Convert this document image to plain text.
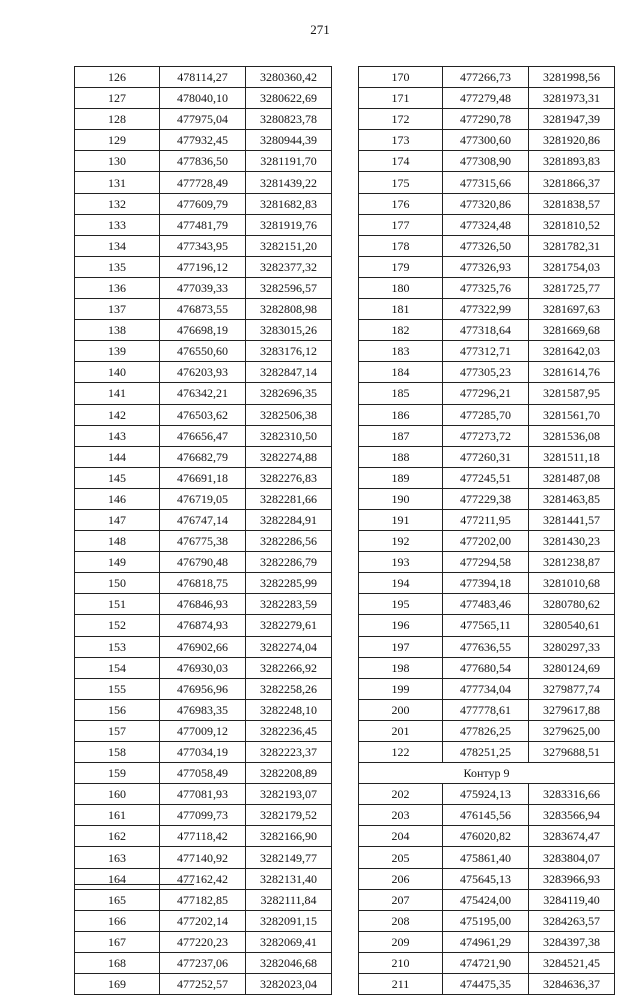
271
126	478114,27	3280360,42
127	478040,10	3280622,69
128	477975,04	3280823,78
129	477932,45	3280944,39
130	477836,50	3281191,70
131	477728,49	3281439,22
132	477609,79	3281682,83
133	477481,79	3281919,76
134	477343,95	3282151,20
135	477196,12	3282377,32
136	477039,33	3282596,57
137	476873,55	3282808,98
138	476698,19	3283015,26
139	476550,60	3283176,12
140	476203,93	3282847,14
141	476342,21	3282696,35
142	476503,62	3282506,38
143	476656,47	3282310,50
144	476682,79	3282274,88
145	476691,18	3282276,83
146	476719,05	3282281,66
147	476747,14	3282284,91
148	476775,38	3282286,56
149	476790,48	3282286,79
150	476818,75	3282285,99
151	476846,93	3282283,59
152	476874,93	3282279,61
153	476902,66	3282274,04
154	476930,03	3282266,92
155	476956,96	3282258,26
156	476983,35	3282248,10
157	477009,12	3282236,45
158	477034,19	3282223,37
159	477058,49	3282208,89
160	477081,93	3282193,07
161	477099,73	3282179,52
162	477118,42	3282166,90
163	477140,92	3282149,77
164	477162,42	3282131,40
165	477182,85	3282111,84
166	477202,14	3282091,15
167	477220,23	3282069,41
168	477237,06	3282046,68
169	477252,57	3282023,04
170	477266,73	3281998,56
171	477279,48	3281973,31
172	477290,78	3281947,39
173	477300,60	3281920,86
174	477308,90	3281893,83
175	477315,66	3281866,37
176	477320,86	3281838,57
177	477324,48	3281810,52
178	477326,50	3281782,31
179	477326,93	3281754,03
180	477325,76	3281725,77
181	477322,99	3281697,63
182	477318,64	3281669,68
183	477312,71	3281642,03
184	477305,23	3281614,76
185	477296,21	3281587,95
186	477285,70	3281561,70
187	477273,72	3281536,08
188	477260,31	3281511,18
189	477245,51	3281487,08
190	477229,38	3281463,85
191	477211,95	3281441,57
192	477202,00	3281430,23
193	477294,58	3281238,87
194	477394,18	3281010,68
195	477483,46	3280780,62
196	477565,11	3280540,61
197	477636,55	3280297,33
198	477680,54	3280124,69
199	477734,04	3279877,74
200	477778,61	3279617,88
201	477826,25	3279625,00
122	478251,25	3279688,51
Контур 9		
202	475924,13	3283316,66
203	476145,56	3283566,94
204	476020,82	3283674,47
205	475861,40	3283804,07
206	475645,13	3283966,93
207	475424,00	3284119,40
208	475195,00	3284263,57
209	474961,29	3284397,38
210	474721,90	3284521,45
211	474475,35	3284636,37
